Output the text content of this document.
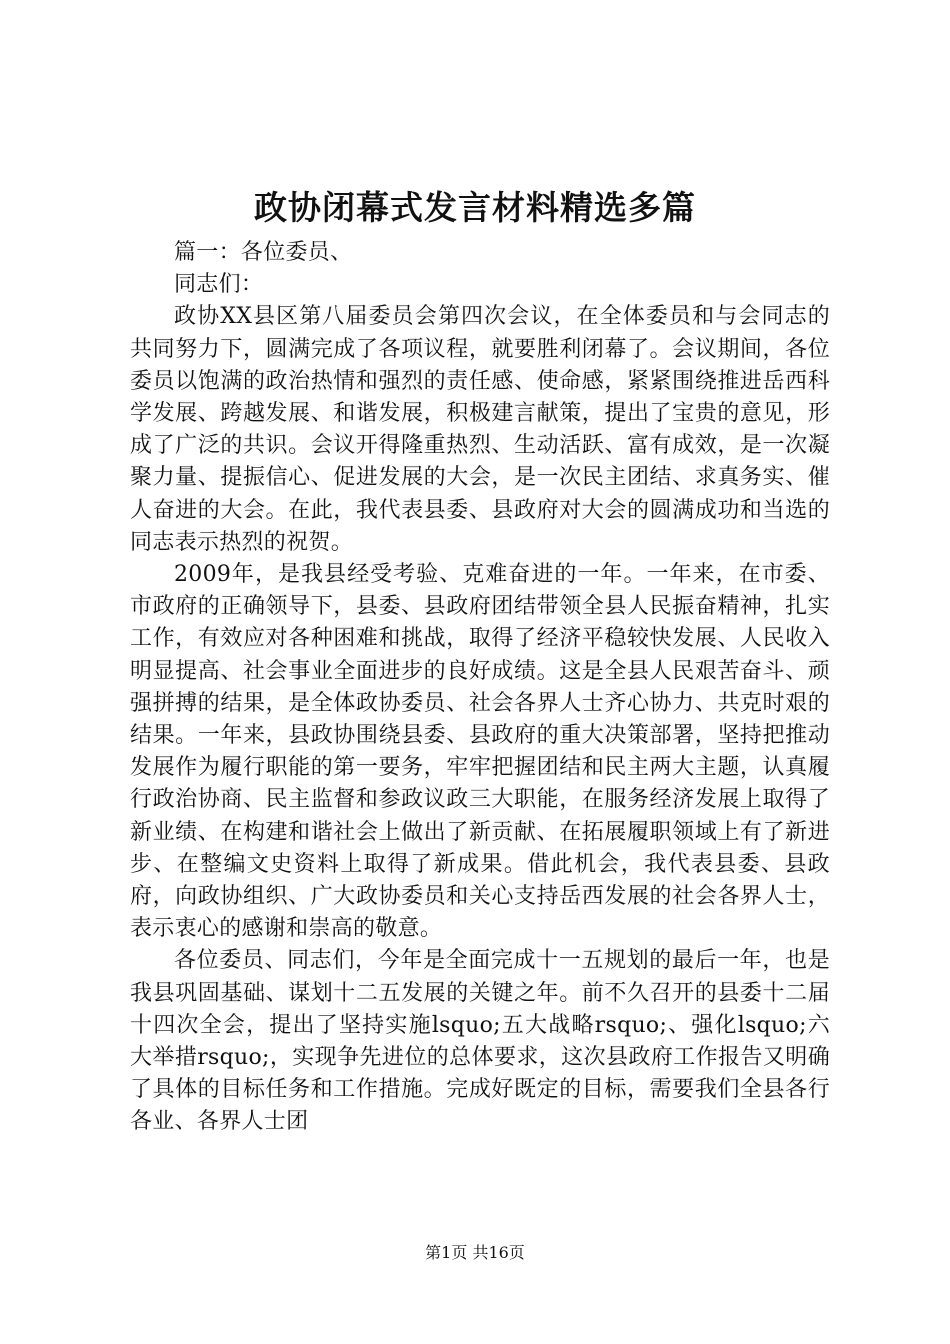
政协闭幕式发言材料精选多篇

篇一：各位委员、

同志们：

政协XX县区第八届委员会第四次会议，在全体委员和与会同志的共同努力下，圆满完成了各项议程，就要胜利闭幕了。会议期间，各位委员以饱满的政治热情和强烈的责任感、使命感，紧紧围绕推进岳西科学发展、跨越发展、和谐发展，积极建言献策，提出了宝贵的意见，形成了广泛的共识。会议开得隆重热烈、生动活跃、富有成效，是一次凝聚力量、提振信心、促进发展的大会，是一次民主团结、求真务实、催人奋进的大会。在此，我代表县委、县政府对大会的圆满成功和当选的同志表示热烈的祝贺。

2009年，是我县经受考验、克难奋进的一年。一年来，在市委、市政府的正确领导下，县委、县政府团结带领全县人民振奋精神，扎实工作，有效应对各种困难和挑战，取得了经济平稳较快发展、人民收入明显提高、社会事业全面进步的良好成绩。这是全县人民艰苦奋斗、顽强拼搏的结果，是全体政协委员、社会各界人士齐心协力、共克时艰的结果。一年来，县政协围绕县委、县政府的重大决策部署，坚持把推动发展作为履行职能的第一要务，牢牢把握团结和民主两大主题，认真履行政治协商、民主监督和参政议政三大职能，在服务经济发展上取得了新业绩、在构建和谐社会上做出了新贡献、在拓展履职领域上有了新进步、在整编文史资料上取得了新成果。借此机会，我代表县委、县政府，向政协组织、广大政协委员和关心支持岳西发展的社会各界人士，表示衷心的感谢和崇高的敬意。

各位委员、同志们，今年是全面完成十一五规划的最后一年，也是我县巩固基础、谋划十二五发展的关键之年。前不久召开的县委十二届十四次全会，提出了坚持实施lsquo;五大战略rsquo;、强化lsquo;六大举措rsquo;，实现争先进位的总体要求，这次县政府工作报告又明确了具体的目标任务和工作措施。完成好既定的目标，需要我们全县各行各业、各界人士团

第1页 共16页
